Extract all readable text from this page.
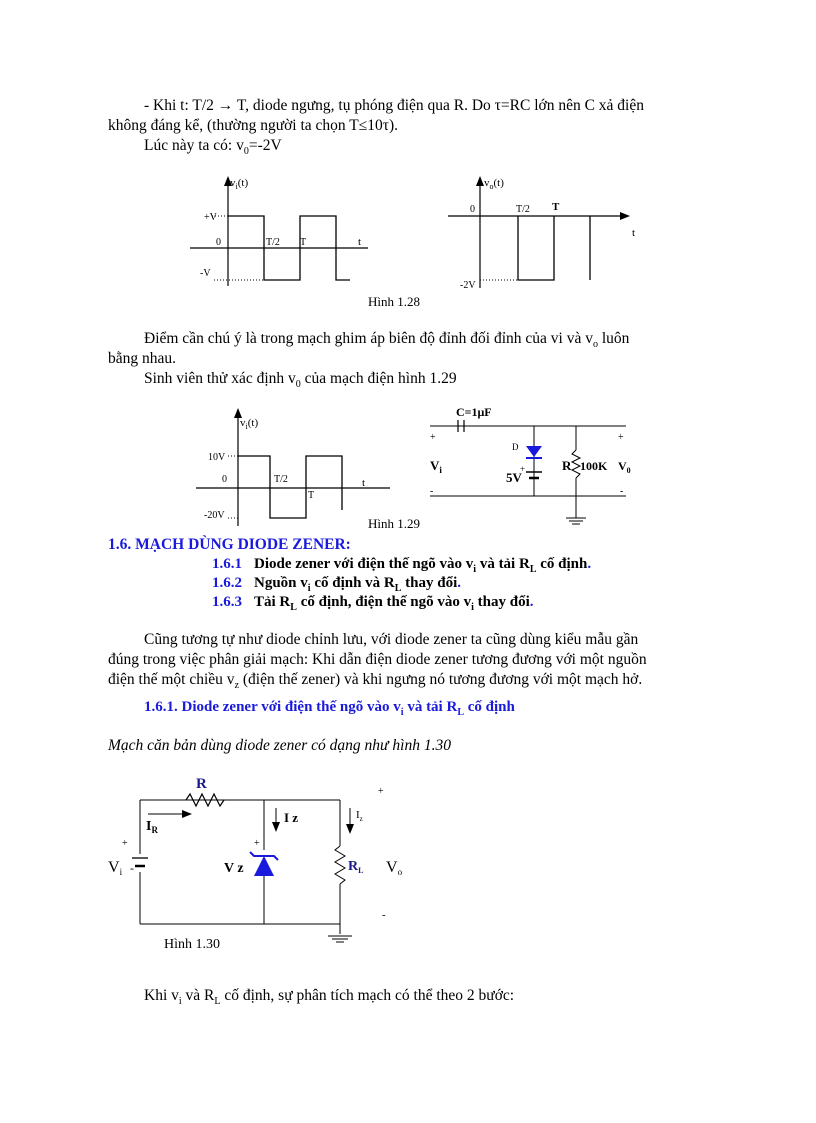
- Khi t: T/2 → T, diode ngưng, tụ phóng điện qua R. Do τ=RC lớn nên C xả điện
không đáng kể, (thường người ta chọn T≤10τ).
Lúc này ta có: $v_0=-2V$
$v_i(t)$
+V
0	T/2 T	t
-V
$v_o(t)$
0	T/2 T
t
-2V
Hình 1.28
Điểm cần chú ý là trong mạch ghim áp biên độ đỉnh đối đỉnh của vi và $v_o$ luôn
bằng nhau.
Sinh viên thử xác định $v_0$ của mạch điện hình 1.29
$v_i(t)$
10V
0	T/2
T
t
-20V
C=1μF
+	+
$V_i$
D
+
5V
R 100K $V_0$
-	-
Hình 1.29
1.6. MẠCH DÙNG DIODE ZENER:
1.6.1 Diode zener với điện thế ngõ vào $v_i$ và tải $R_L$ cố định.
1.6.2 Nguồn $v_i$ cố định và $R_L$ thay đổi.
1.6.3 Tải $R_L$ cố định, điện thế ngõ vào $v_i$ thay đổi.
Cũng tương tự như diode chỉnh lưu, với diode zener ta cũng dùng kiểu mẫu gần
đúng trong việc phân giải mạch: Khi dẫn điện diode zener tương đương với một nguồn
điện thế một chiều $v_z$ (điện thế zener) và khi ngưng nó tương đương với một mạch hở.
1.6.1. Diode zener với điện thế ngõ vào $v_i$ và tải $R_L$ cố định
Mạch căn bản dùng diode zener có dạng như hình 1.30
R
$I_R$
I z
+
V z
$I_z$
+
+
Vi -	$R_L$ Vo
-
Hình 1.30
Khi $v_i$ và $R_L$ cố định, sự phân tích mạch có thể theo 2 bước:
